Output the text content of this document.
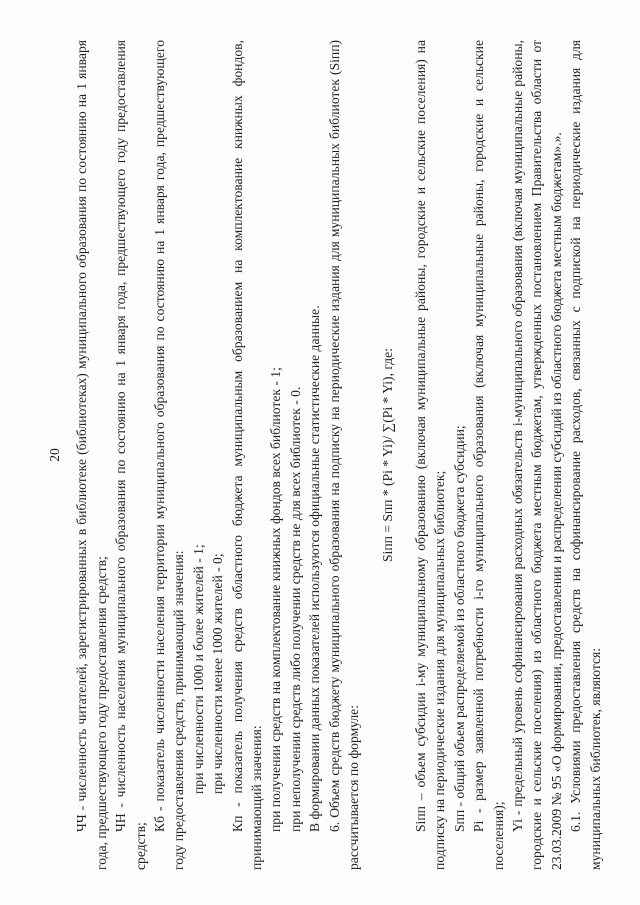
20 ЧЧ - численность читателей, зарегистрированных в библиотеке (библиотеках) муниципального образования по состоянию на 1 января года, предшествующего году предоставления средств; ЧН - численность населения муниципального образования по состоянию на 1 января года, предшествующего году предоставления средств;

Кб - показатель численности населения территории муниципального образования по состоянию на 1 января года, предшествующего году предоставления средств, принимающий значения: при численности 1000 и более жителей - 1; при численности менее 1000 жителей - 0; Кп - показатель получения средств областного бюджета муниципальным образованием на комплектование книжных фондов, принимающий значения: при получении средств на комплектование книжных фондов всех библиотек - 1; при неполучении средств либо получении средств не для всех библиотек - 0. В формировании данных показателей используются официальные статистические данные. 6. Объем средств бюджету муниципального образования на подписку на периодические издания для муниципальных библиотек (Siпп) рассчитывается по формуле:

Siпп = Sпп * (Pi * Yi)/ ∑(Pi * Yi), где: Siпп – объем субсидии i-му муниципальному образованию (включая муниципальные районы, городские и сельские поселения) на подписку на периодические издания для муниципальных библиотек; Sпп - общий объем распределяемой из областного бюджета субсидии; Pi - размер заявленной потребности i-го муниципального образования (включая муниципальные районы, городские и сельские поселения);

Yi - предельный уровень софинансирования расходных обязательств i-муниципального образования (включая муниципальные районы, городские и сельские поселения) из областного бюджета местным бюджетам, утвержденных постановлением Правительства области от 23.03.2009 № 95 «О формировании, предоставлении и распределении субсидий из областного бюджета местным бюджетам».». 6.1. Условиями предоставления средств на софинансирование расходов, связанных с подпиской на периодические издания для муниципальных библиотек, являются:
